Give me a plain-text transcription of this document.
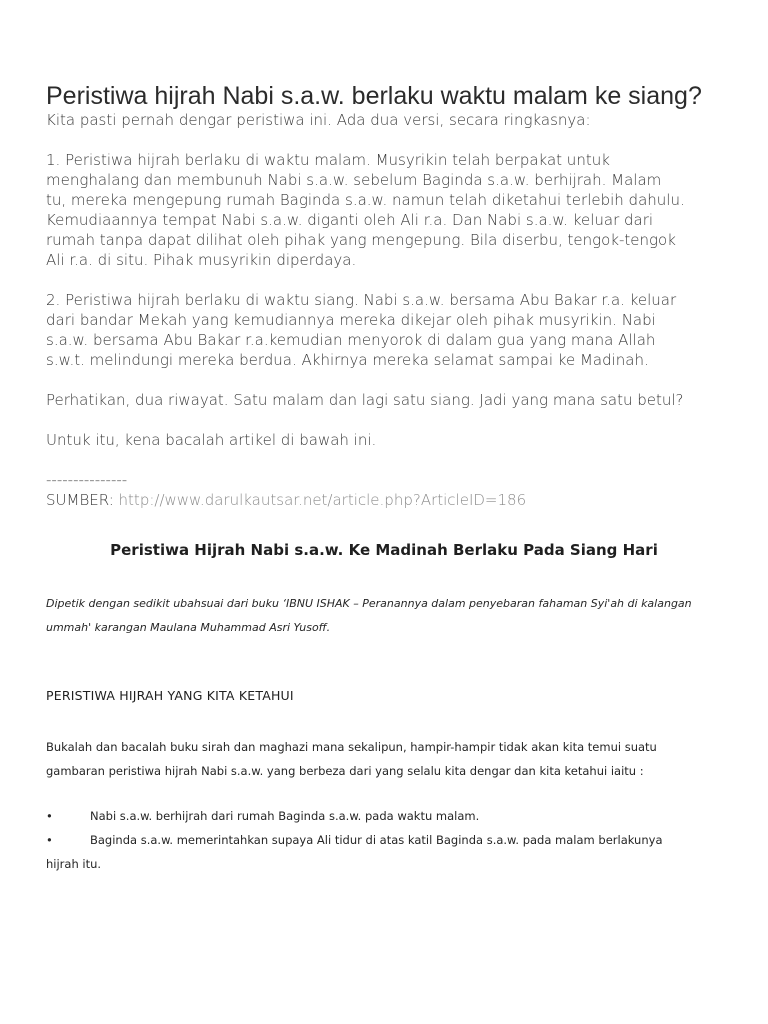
Peristiwa hijrah Nabi s.a.w. berlaku waktu malam ke siang?
Kita pasti pernah dengar peristiwa ini. Ada dua versi, secara ringkasnya:
1. Peristiwa hijrah berlaku di waktu malam. Musyrikin telah berpakat untuk
menghalang dan membunuh Nabi s.a.w. sebelum Baginda s.a.w. berhijrah. Malam
tu, mereka mengepung rumah Baginda s.a.w. namun telah diketahui terlebih dahulu.
Kemudiaannya tempat Nabi s.a.w. diganti oleh Ali r.a. Dan Nabi s.a.w. keluar dari
rumah tanpa dapat dilihat oleh pihak yang mengepung. Bila diserbu, tengok-tengok
Ali r.a. di situ. Pihak musyrikin diperdaya.
2. Peristiwa hijrah berlaku di waktu siang. Nabi s.a.w. bersama Abu Bakar r.a. keluar
dari bandar Mekah yang kemudiannya mereka dikejar oleh pihak musyrikin. Nabi
s.a.w. bersama Abu Bakar r.a.kemudian menyorok di dalam gua yang mana Allah
s.w.t. melindungi mereka berdua. Akhirnya mereka selamat sampai ke Madinah.
Perhatikan, dua riwayat. Satu malam dan lagi satu siang. Jadi yang mana satu betul?
Untuk itu, kena bacalah artikel di bawah ini.
---------------
SUMBER: http://www.darulkautsar.net/article.php?ArticleID=186
Peristiwa Hijrah Nabi s.a.w. Ke Madinah Berlaku Pada Siang Hari
Dipetik dengan sedikit ubahsuai dari buku ‘IBNU ISHAK – Peranannya dalam penyebaran fahaman Syi'ah di kalangan
ummah' karangan Maulana Muhammad Asri Yusoff.
PERISTIWA HIJRAH YANG KITA KETAHUI
Bukalah dan bacalah buku sirah dan maghazi mana sekalipun, hampir-hampir tidak akan kita temui suatu
gambaran peristiwa hijrah Nabi s.a.w. yang berbeza dari yang selalu kita dengar dan kita ketahui iaitu :
•	Nabi s.a.w. berhijrah dari rumah Baginda s.a.w. pada waktu malam.
•	Baginda s.a.w. memerintahkan supaya Ali tidur di atas katil Baginda s.a.w. pada malam berlakunya
hijrah itu.
